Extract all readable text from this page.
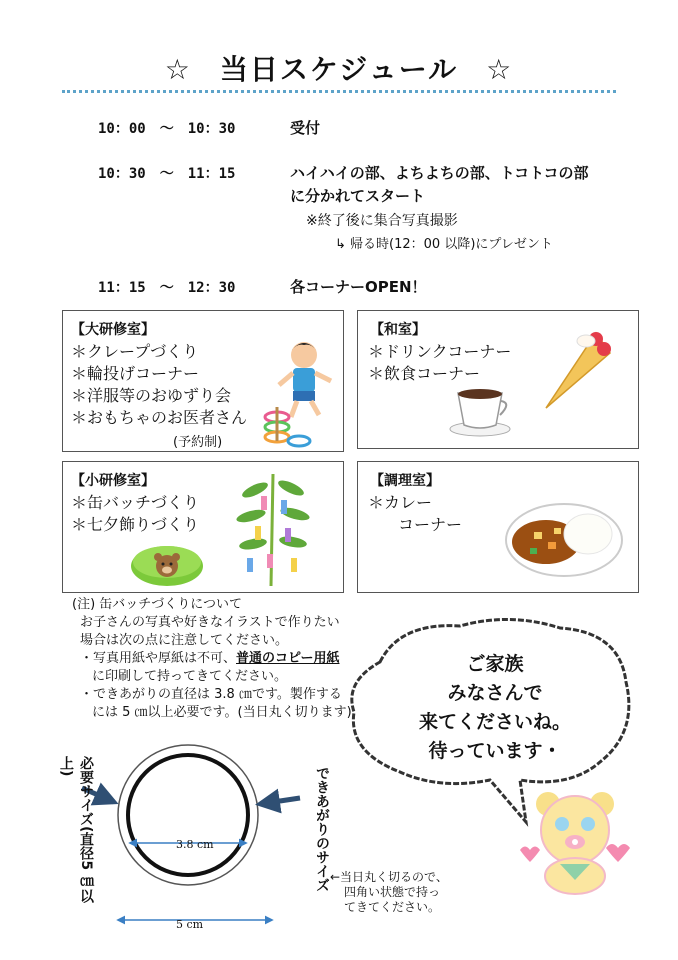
☆ 当日スケジュール ☆
10：00　〜　10：30	受付
10：30　〜　11：15	ハイハイの部、よちよちの部、トコトコの部
に分かれてスタート
※終了後に集合写真撮影
↳ 帰る時(12：00 以降)にプレゼント
11：15　〜　12：30	各コーナーOPEN！
【大研修室】
＊クレープづくり
＊輪投げコーナー
＊洋服等のおゆずり会
＊おもちゃのお医者さん
(予約制)
【和室】
＊ドリンクコーナー
＊飲食コーナー
【小研修室】
＊缶バッチづくり
＊七夕飾りづくり
【調理室】
＊カレー
コーナー
(注) 缶バッチづくりについて
お子さんの写真や好きなイラストで作りたい
場合は次の点に注意してください。
・写真用紙や厚紙は不可、普通のコピー用紙
に印刷して持ってきてください。
・できあがりの直径は 3.8 ㎝です。製作する
には 5 ㎝以上必要です。(当日丸く切ります)
ご家族
みなさんで
来てくださいね。
待っています・
3.8 cm
5 cm
必要サイズ(直径5 ㎝以上)	できあがりのサイズ ←当日丸く切るので、
四角い状態で持っ
てきてください。
